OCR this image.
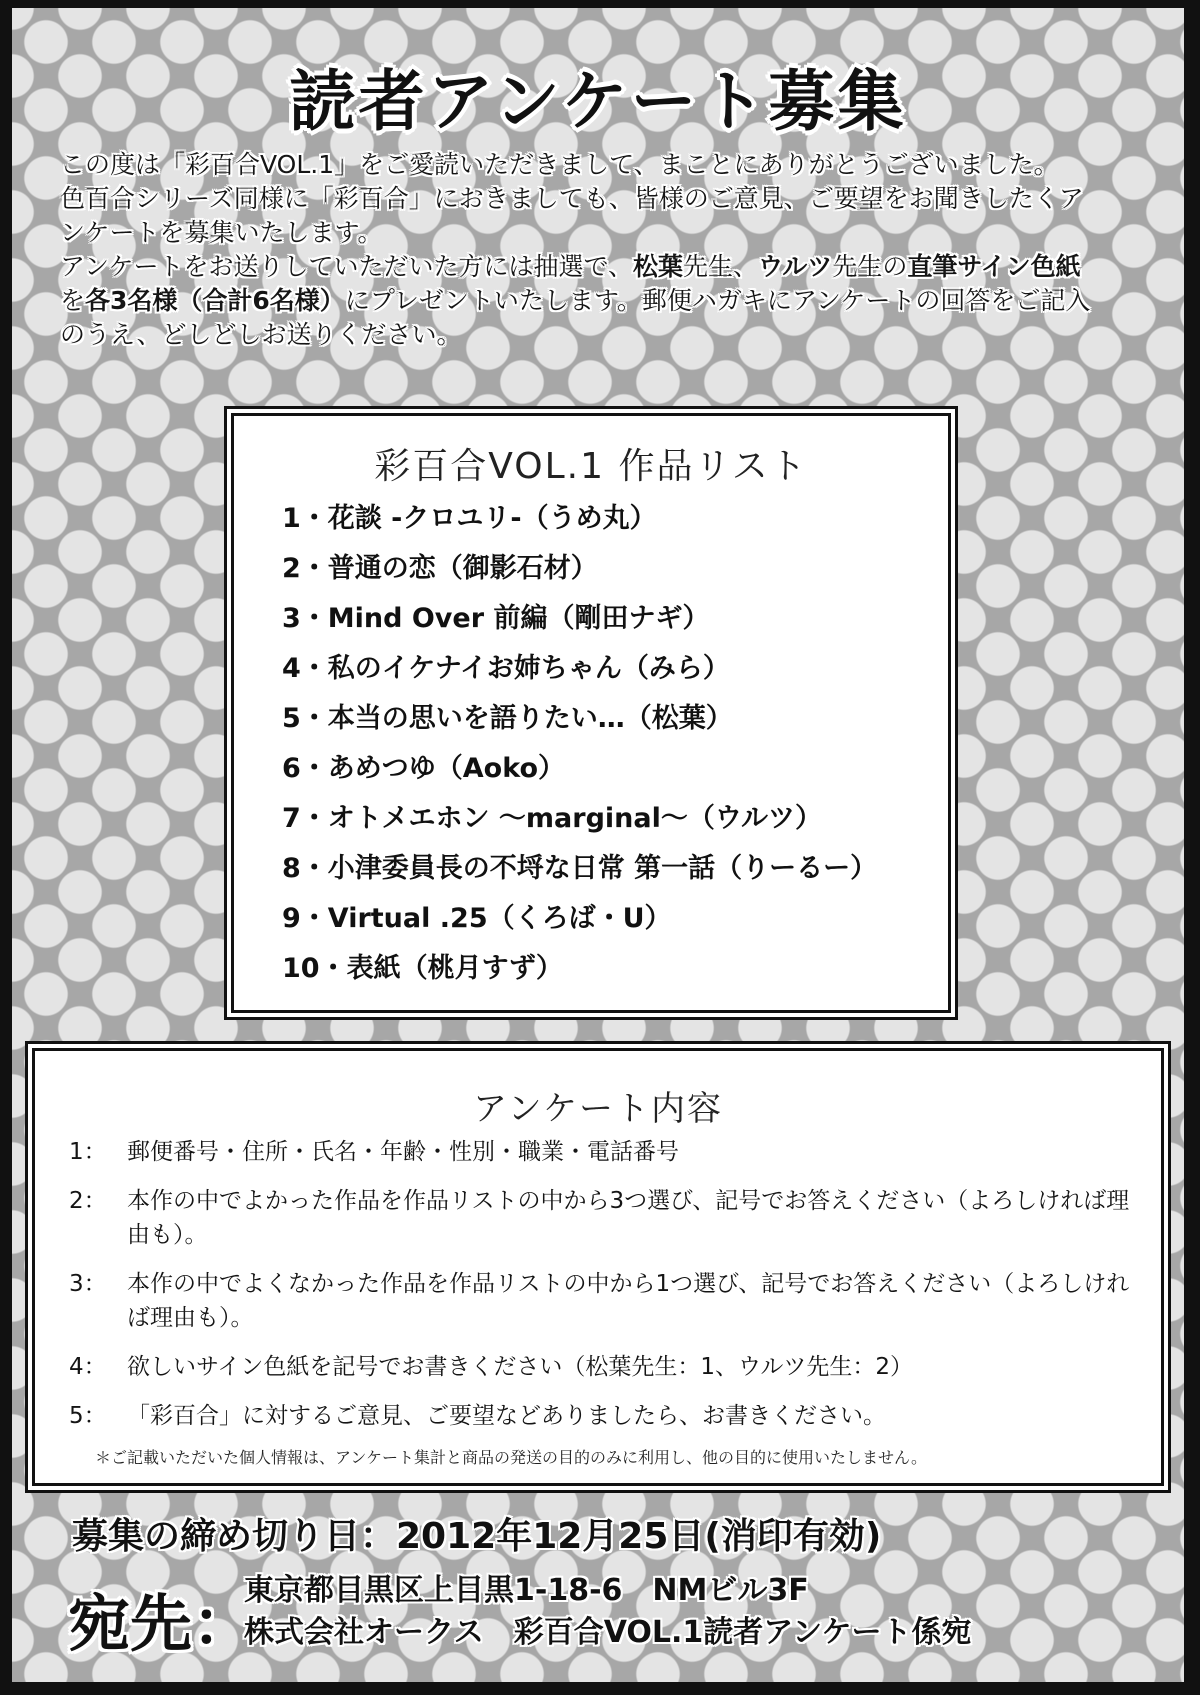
読者アンケート募集

この度は「彩百合VOL.1」をご愛読いただきまして、まことにありがとうございました。

色百合シリーズ同様に「彩百合」におきましても、皆様のご意見、ご要望をお聞きしたくアンケートを募集いたします。

アンケートをお送りしていただいた方には抽選で、松葉先生、ウルツ先生の直筆サイン色紙を各3名様（合計6名様）にプレゼントいたします。郵便ハガキにアンケートの回答をご記入のうえ、どしどしお送りください。

彩百合VOL.1 作品リスト
1・花談 -クロユリ-（うめ丸）
2・普通の恋（御影石材）
3・Mind Over 前編（剛田ナギ）
4・私のイケナイお姉ちゃん（みら）
5・本当の思いを語りたい…（松葉）
6・あめつゆ（Aoko）
7・オトメエホン ～marginal～（ウルツ）
8・小津委員長の不埒な日常 第一話（りーるー）
9・Virtual .25（くろば・U）
10・表紙（桃月すず）
アンケート内容
1： 郵便番号・住所・氏名・年齢・性別・職業・電話番号
2： 本作の中でよかった作品を作品リストの中から3つ選び、記号でお答えください（よろしければ理由も）。
3： 本作の中でよくなかった作品を作品リストの中から1つ選び、記号でお答えください（よろしければ理由も）。
4： 欲しいサイン色紙を記号でお書きください（松葉先生：1、ウルツ先生：2）
5： 「彩百合」に対するご意見、ご要望などありましたら、お書きください。
＊ご記載いただいた個人情報は、アンケート集計と商品の発送の目的のみに利用し、他の目的に使用いたしません。
募集の締め切り日：2012年12月25日(消印有効)
宛先：
東京都目黒区上目黒1-18-6　NMビル3F
株式会社オークス　彩百合VOL.1読者アンケート係宛
